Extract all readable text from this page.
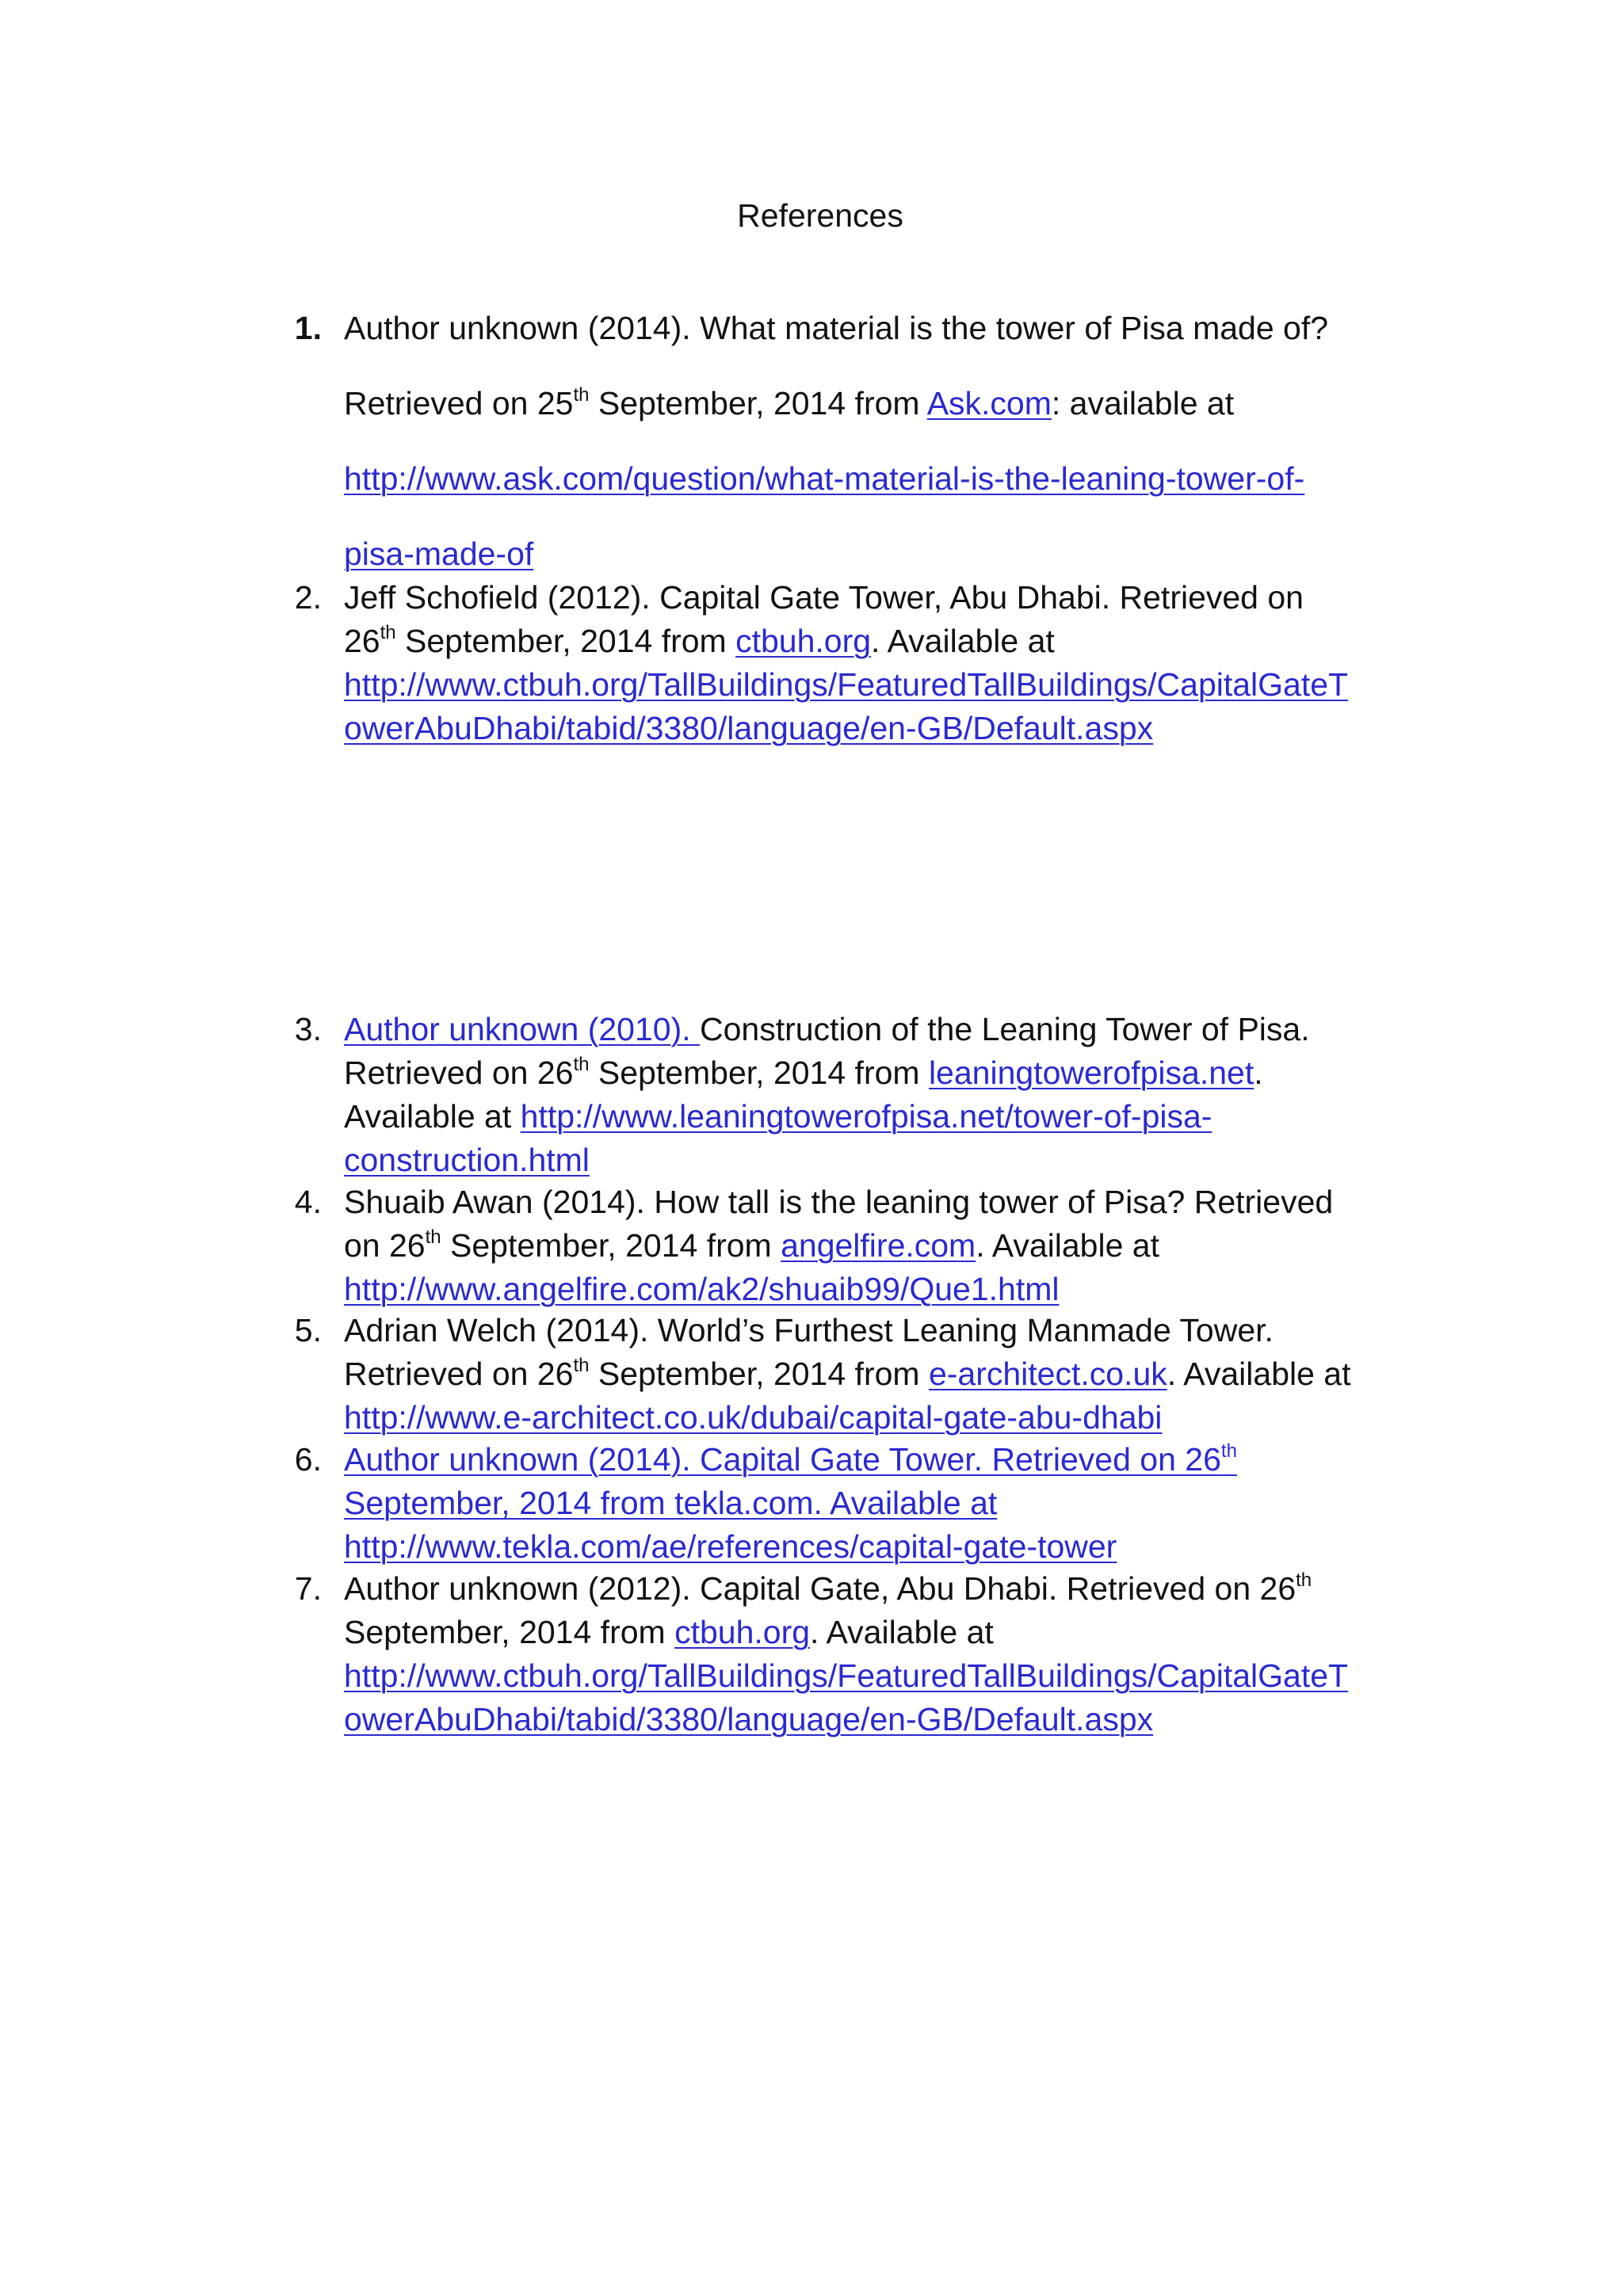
References
1. Author unknown (2014). What material is the tower of Pisa made of?
Retrieved on 25th September, 2014 from Ask.com: available at
http://www.ask.com/question/what-material-is-the-leaning-tower-of-
pisa-made-of
2. Jeff Schofield (2012). Capital Gate Tower, Abu Dhabi. Retrieved on
26th September, 2014 from ctbuh.org. Available at
http://www.ctbuh.org/TallBuildings/FeaturedTallBuildings/CapitalGateT
owerAbuDhabi/tabid/3380/language/en-GB/Default.aspx
3. Author unknown (2010). Construction of the Leaning Tower of Pisa.
Retrieved on 26th September, 2014 from leaningtowerofpisa.net.
Available at http://www.leaningtowerofpisa.net/tower-of-pisa-
construction.html
4. Shuaib Awan (2014). How tall is the leaning tower of Pisa? Retrieved
on 26th September, 2014 from angelfire.com. Available at
http://www.angelfire.com/ak2/shuaib99/Que1.html
5. Adrian Welch (2014). World’s Furthest Leaning Manmade Tower.
Retrieved on 26th September, 2014 from e-architect.co.uk. Available at
http://www.e-architect.co.uk/dubai/capital-gate-abu-dhabi
6. Author unknown (2014). Capital Gate Tower. Retrieved on 26th
September, 2014 from tekla.com. Available at
http://www.tekla.com/ae/references/capital-gate-tower
7. Author unknown (2012). Capital Gate, Abu Dhabi. Retrieved on 26th
September, 2014 from ctbuh.org. Available at
http://www.ctbuh.org/TallBuildings/FeaturedTallBuildings/CapitalGateT
owerAbuDhabi/tabid/3380/language/en-GB/Default.aspx
